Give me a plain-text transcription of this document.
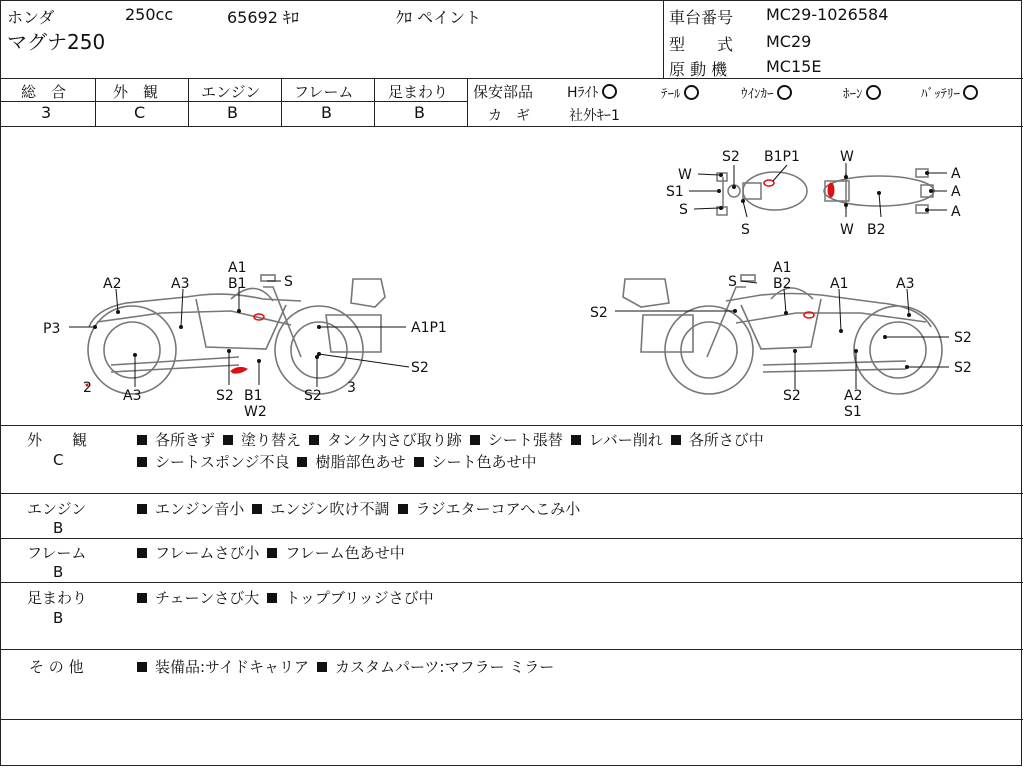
ホンダ	250cc	65692 ｷﾛ	ｸﾛ ペイント
マグナ250
車台番号 MC29-1026584
型　　式 MC29
原 動 機 MC15E
総　合
3
外　観
C
エンジン
B
フレーム
B
足まわり
B
保安部品 Hﾗｲﾄ	ﾃｰﾙ	ｳｲﾝｶｰ	ﾎｰﾝ	ﾊﾞｯﾃﾘｰ
カ　ギ	社外ｷｰ1
S2 B1P1	W
W
S1
S
S	W B2
A
A
A
A1
B1	S
A2	A3
P3	A1P1
S2
2 A3	S2 B1
W2
S2 3
S
A1
B2	A1	A3
S2
S2
S2
S2	A2
S1
外　　観
C
各所きず 塗り替え タンク内さび取り跡 シート張替 レバー削れ 各所さび中
シートスポンジ不良 樹脂部色あせ シート色あせ中
エンジン
B
エンジン音小 エンジン吹け不調 ラジエターコアへこみ小
フレーム
B
フレームさび小 フレーム色あせ中
足まわり
B
チェーンさび大 トップブリッジさび中
そ の 他	装備品:サイドキャリア カスタムパーツ:マフラー ミラー
